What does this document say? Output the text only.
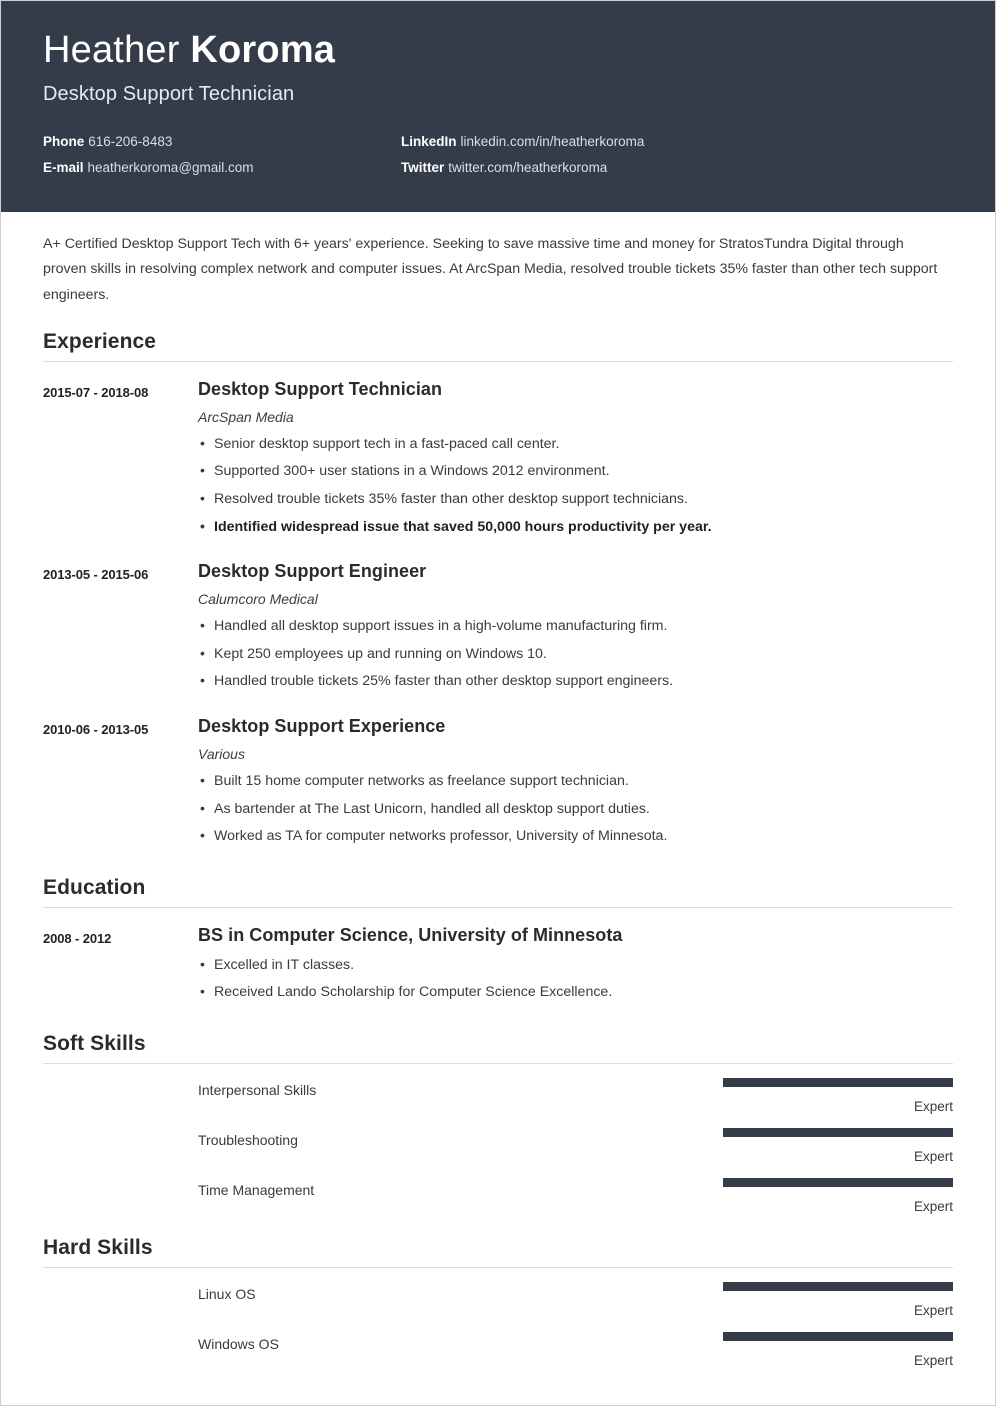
Heather Koroma
Desktop Support Technician
Phone 616-206-8483	LinkedIn linkedin.com/in/heatherkoroma
E-mail heatherkoroma@gmail.com	Twitter twitter.com/heatherkoroma

A+ Certified Desktop Support Tech with 6+ years' experience. Seeking to save massive time and money for StratosTundra Digital through proven skills in resolving complex network and computer issues. At ArcSpan Media, resolved trouble tickets 35% faster than other tech support engineers.

Experience
2015-07 - 2018-08	Desktop Support Technician
ArcSpan Media
• Senior desktop support tech in a fast-paced call center.
• Supported 300+ user stations in a Windows 2012 environment.
• Resolved trouble tickets 35% faster than other desktop support technicians.
• Identified widespread issue that saved 50,000 hours productivity per year.
2013-05 - 2015-06	Desktop Support Engineer
Calumcoro Medical
• Handled all desktop support issues in a high-volume manufacturing firm.
• Kept 250 employees up and running on Windows 10.
• Handled trouble tickets 25% faster than other desktop support engineers.
2010-06 - 2013-05	Desktop Support Experience
Various
• Built 15 home computer networks as freelance support technician.
• As bartender at The Last Unicorn, handled all desktop support duties.
• Worked as TA for computer networks professor, University of Minnesota.
Education
2008 - 2012	BS in Computer Science, University of Minnesota
• Excelled in IT classes.
• Received Lando Scholarship for Computer Science Excellence.
Soft Skills
Interpersonal Skills
Expert
Troubleshooting
Expert
Time Management
Expert
Hard Skills
Linux OS
Expert
Windows OS
Expert
